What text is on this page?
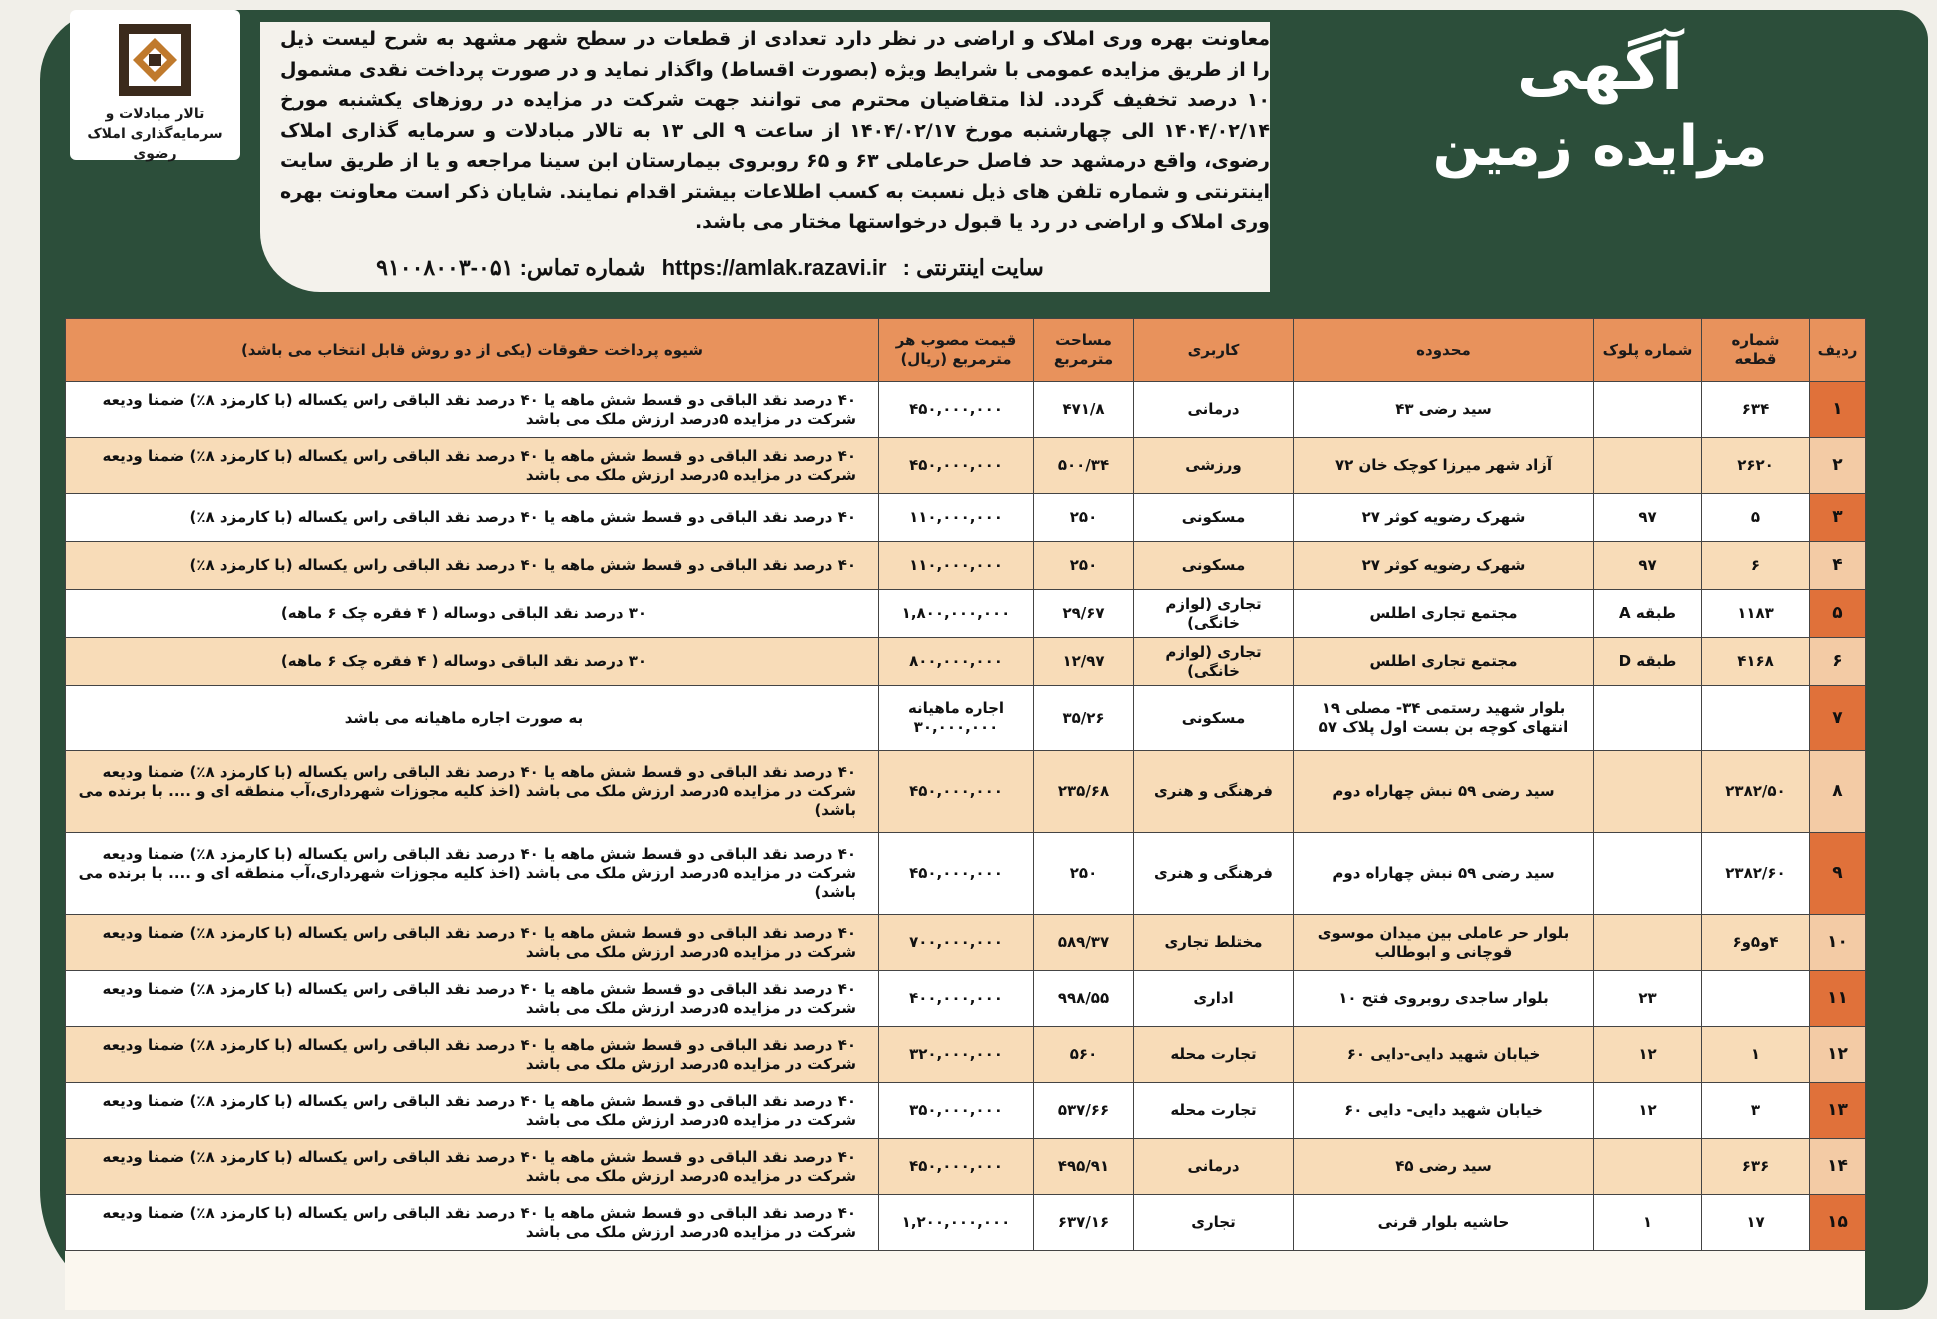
معاونت بهره وری املاک و اراضی در نظر دارد تعدادی از قطعات در سطح شهر مشهد به شرح لیست ذیل را از طریق مزایده عمومی با شرایط ویژه (بصورت اقساط) واگذار نماید و در صورت پرداخت نقدی مشمول ۱۰ درصد تخفیف گردد. لذا متقاضیان محترم می توانند جهت شرکت در مزایده در روزهای یکشنبه مورخ ۱۴۰۴/۰۲/۱۴ الی چهارشنبه مورخ ۱۴۰۴/۰۲/۱۷ از ساعت ۹ الی ۱۳ به تالار مبادلات و سرمایه گذاری املاک رضوی، واقع درمشهد حد فاصل حرعاملی ۶۳ و ۶۵ روبروی بیمارستان ابن سینا مراجعه و یا از طریق سایت اینترنتی و شماره تلفن های ذیل نسبت به کسب اطلاعات بیشتر اقدام نمایند. شایان ذکر است معاونت بهره وری املاک و اراضی در رد یا قبول درخواستها مختار می باشد.
سایت اینترنتی : https://amlak.razavi.ir شماره تماس: ۰۵۱-۹۱۰۰۸۰۰۳
تالار مبادلات و
سرمایه‌گذاری املاک رضوی
آگهی
مزایده زمین
ردیف	شماره قطعه	شماره پلوک	محدوده	کاربری	مساحت مترمربع	قیمت مصوب هر مترمربع (ریال)	شیوه پرداخت حقوقات (یکی از دو روش قابل انتخاب می باشد)
۱	۶۳۴		سید رضی ۴۳	درمانی	۴۷۱/۸	۴۵۰,۰۰۰,۰۰۰	۴۰ درصد نقد الباقی دو قسط شش ماهه یا ۴۰ درصد نقد الباقی راس یکساله (با کارمزد ۸٪) ضمنا ودیعه شرکت در مزایده ۵درصد ارزش ملک می باشد
۲	۲۶۲۰		آزاد شهر میرزا کوچک خان ۷۲	ورزشی	۵۰۰/۳۴	۴۵۰,۰۰۰,۰۰۰	۴۰ درصد نقد الباقی دو قسط شش ماهه یا ۴۰ درصد نقد الباقی راس یکساله (با کارمزد ۸٪) ضمنا ودیعه شرکت در مزایده ۵درصد ارزش ملک می باشد
۳	۵	۹۷	شهرک رضویه کوثر ۲۷	مسکونی	۲۵۰	۱۱۰,۰۰۰,۰۰۰	۴۰ درصد نقد الباقی دو قسط شش ماهه یا ۴۰ درصد نقد الباقی راس یکساله (با کارمزد ۸٪)
۴	۶	۹۷	شهرک رضویه کوثر ۲۷	مسکونی	۲۵۰	۱۱۰,۰۰۰,۰۰۰	۴۰ درصد نقد الباقی دو قسط شش ماهه یا ۴۰ درصد نقد الباقی راس یکساله (با کارمزد ۸٪)
۵	۱۱۸۳	طبقه A	مجتمع تجاری اطلس	تجاری (لوازم خانگی)	۲۹/۶۷	۱,۸۰۰,۰۰۰,۰۰۰	۳۰ درصد نقد الباقی دوساله ( ۴ فقره چک ۶ ماهه)
۶	۴۱۶۸	طبقه D	مجتمع تجاری اطلس	تجاری (لوازم خانگی)	۱۲/۹۷	۸۰۰,۰۰۰,۰۰۰	۳۰ درصد نقد الباقی دوساله ( ۴ فقره چک ۶ ماهه)
۷			بلوار شهید رستمی ۳۴- مصلی ۱۹ انتهای کوچه بن بست اول پلاک ۵۷	مسکونی	۳۵/۲۶	اجاره ماهیانه ۳۰,۰۰۰,۰۰۰	به صورت اجاره ماهیانه می باشد
۸	۲۳۸۲/۵۰		سید رضی ۵۹ نبش چهاراه دوم	فرهنگی و هنری	۲۳۵/۶۸	۴۵۰,۰۰۰,۰۰۰	۴۰ درصد نقد الباقی دو قسط شش ماهه یا ۴۰ درصد نقد الباقی راس یکساله (با کارمزد ۸٪) ضمنا ودیعه شرکت در مزایده ۵درصد ارزش ملک می باشد (اخذ کلیه مجوزات شهرداری،آب منطقه ای و .... با برنده می باشد)
۹	۲۳۸۲/۶۰		سید رضی ۵۹ نبش چهاراه دوم	فرهنگی و هنری	۲۵۰	۴۵۰,۰۰۰,۰۰۰	۴۰ درصد نقد الباقی دو قسط شش ماهه یا ۴۰ درصد نقد الباقی راس یکساله (با کارمزد ۸٪) ضمنا ودیعه شرکت در مزایده ۵درصد ارزش ملک می باشد (اخذ کلیه مجوزات شهرداری،آب منطقه ای و .... با برنده می باشد)
۱۰	۴و۵و۶		بلوار حر عاملی بین میدان موسوی قوچانی و ابوطالب	مختلط تجاری	۵۸۹/۳۷	۷۰۰,۰۰۰,۰۰۰	۴۰ درصد نقد الباقی دو قسط شش ماهه یا ۴۰ درصد نقد الباقی راس یکساله (با کارمزد ۸٪) ضمنا ودیعه شرکت در مزایده ۵درصد ارزش ملک می باشد
۱۱		۲۳	بلوار ساجدی روبروی فتح ۱۰	اداری	۹۹۸/۵۵	۴۰۰,۰۰۰,۰۰۰	۴۰ درصد نقد الباقی دو قسط شش ماهه یا ۴۰ درصد نقد الباقی راس یکساله (با کارمزد ۸٪) ضمنا ودیعه شرکت در مزایده ۵درصد ارزش ملک می باشد
۱۲	۱	۱۲	خیابان شهید دایی-دایی ۶۰	تجارت محله	۵۶۰	۳۲۰,۰۰۰,۰۰۰	۴۰ درصد نقد الباقی دو قسط شش ماهه یا ۴۰ درصد نقد الباقی راس یکساله (با کارمزد ۸٪) ضمنا ودیعه شرکت در مزایده ۵درصد ارزش ملک می باشد
۱۳	۳	۱۲	خیابان شهید دایی- دایی ۶۰	تجارت محله	۵۳۷/۶۶	۳۵۰,۰۰۰,۰۰۰	۴۰ درصد نقد الباقی دو قسط شش ماهه یا ۴۰ درصد نقد الباقی راس یکساله (با کارمزد ۸٪) ضمنا ودیعه شرکت در مزایده ۵درصد ارزش ملک می باشد
۱۴	۶۳۶		سید رضی ۴۵	درمانی	۴۹۵/۹۱	۴۵۰,۰۰۰,۰۰۰	۴۰ درصد نقد الباقی دو قسط شش ماهه یا ۴۰ درصد نقد الباقی راس یکساله (با کارمزد ۸٪) ضمنا ودیعه شرکت در مزایده ۵درصد ارزش ملک می باشد
۱۵	۱۷	۱	حاشیه بلوار قرنی	تجاری	۶۳۷/۱۶	۱,۲۰۰,۰۰۰,۰۰۰	۴۰ درصد نقد الباقی دو قسط شش ماهه یا ۴۰ درصد نقد الباقی راس یکساله (با کارمزد ۸٪) ضمنا ودیعه شرکت در مزایده ۵درصد ارزش ملک می باشد
